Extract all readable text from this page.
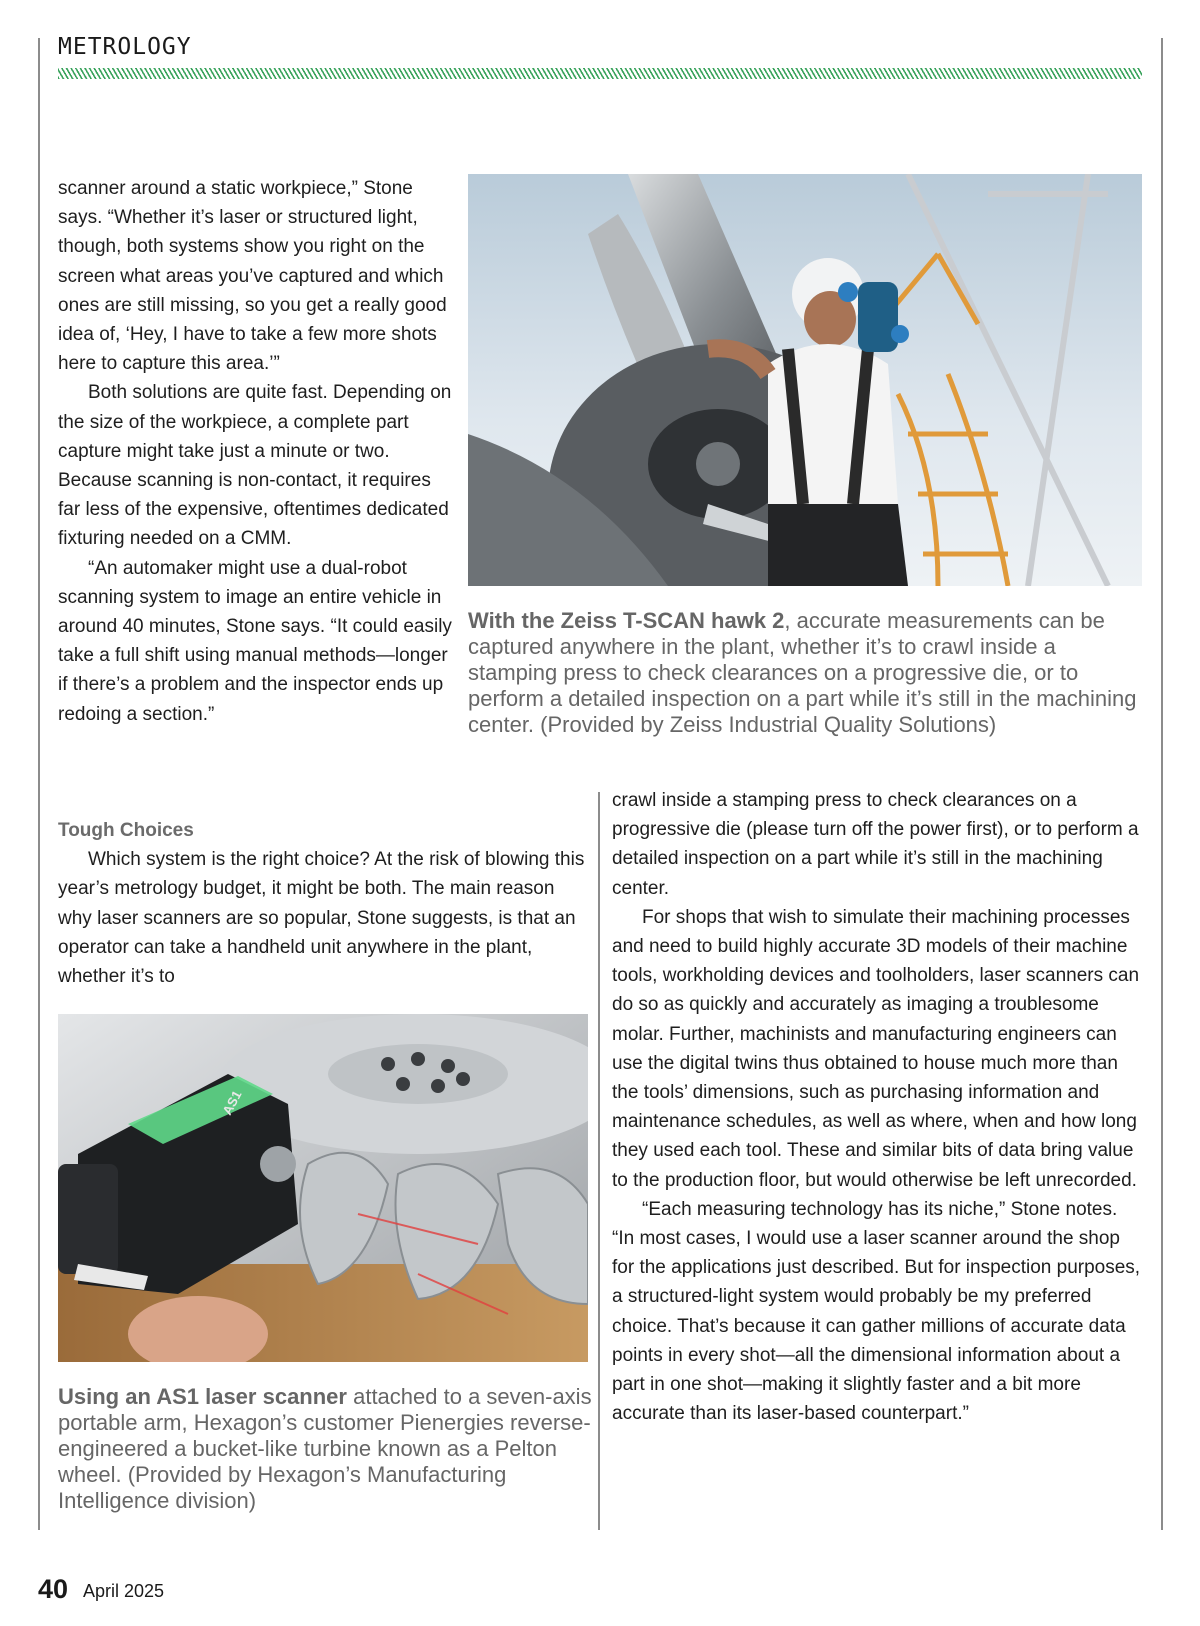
METROLOGY

scanner around a static workpiece,” Stone says. “Whether it’s laser or structured light, though, both systems show you right on the screen what areas you’ve captured and which ones are still missing, so you get a really good idea of, ‘Hey, I have to take a few more shots here to capture this area.’”

Both solutions are quite fast. Depending on the size of the workpiece, a complete part capture might take just a minute or two. Because scanning is non-contact, it requires far less of the expensive, oftentimes dedicated fixturing needed on a CMM.

“An automaker might use a dual-robot scanning system to image an entire vehicle in around 40 minutes, Stone says. “It could easily take a full shift using manual methods—longer if there’s a problem and the inspector ends up redoing a section.”

With the Zeiss T-SCAN hawk 2, accurate measurements can be captured anywhere in the plant, whether it’s to crawl inside a stamping press to check clearances on a progressive die, or to perform a detailed inspection on a part while it’s still in the machining center. (Provided by Zeiss Industrial Quality Solutions)

Tough Choices

Which system is the right choice? At the risk of blowing this year’s metrology budget, it might be both. The main reason why laser scanners are so popular, Stone suggests, is that an operator can take a handheld unit anywhere in the plant, whether it’s to

AS1

Using an AS1 laser scanner attached to a seven-axis portable arm, Hexagon’s customer Pienergies reverse-engineered a bucket-like turbine known as a Pelton wheel. (Provided by Hexagon’s Manufacturing Intelligence division)

crawl inside a stamping press to check clearances on a progressive die (please turn off the power first), or to perform a detailed inspection on a part while it’s still in the machining center.

For shops that wish to simulate their machining processes and need to build highly accurate 3D models of their machine tools, workholding devices and toolholders, laser scanners can do so as quickly and accurately as imaging a troublesome molar. Further, machinists and manufacturing engineers can use the digital twins thus obtained to house much more than the tools’ dimensions, such as purchasing information and maintenance schedules, as well as where, when and how long they used each tool. These and similar bits of data bring value to the production floor, but would otherwise be left unrecorded.

“Each measuring technology has its niche,” Stone notes. “In most cases, I would use a laser scanner around the shop for the applications just described. But for inspection purposes, a structured-light system would probably be my preferred choice. That’s because it can gather millions of accurate data points in every shot—all the dimensional information about a part in one shot—making it slightly faster and a bit more accurate than its laser-based counterpart.”

40 April 2025
